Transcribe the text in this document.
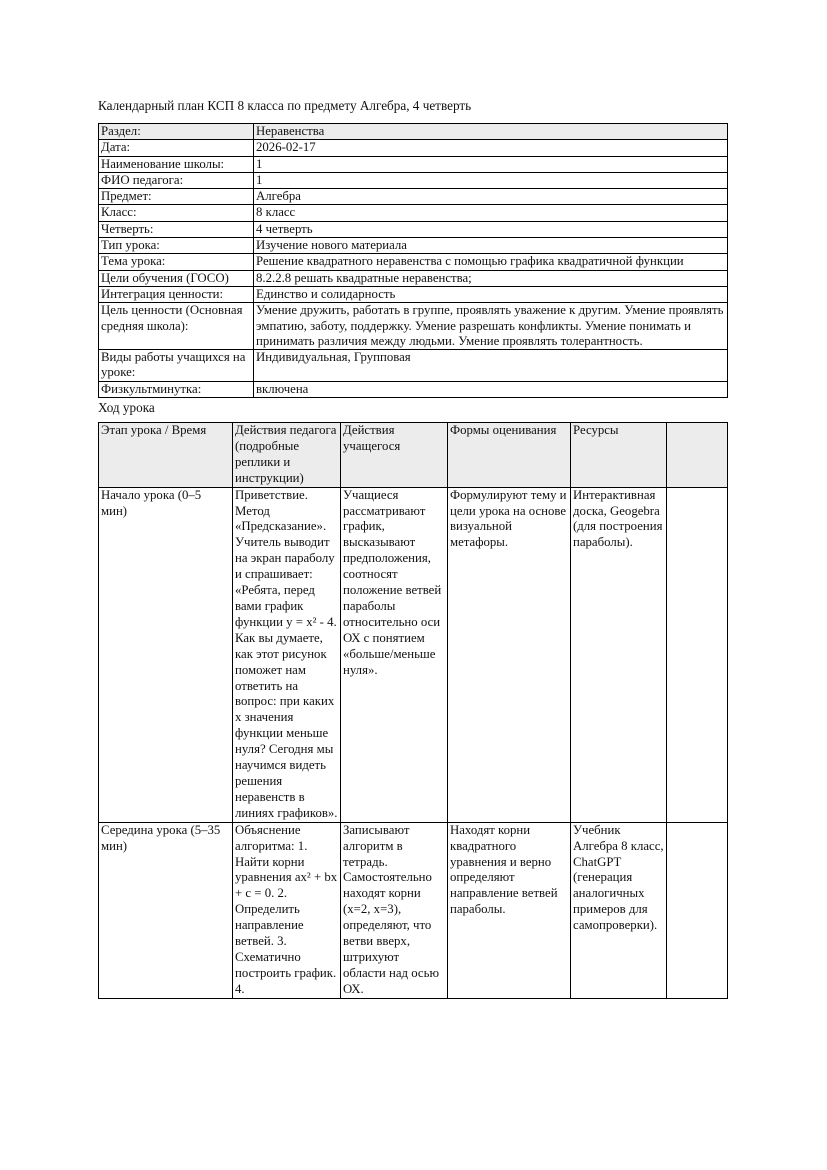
Календарный план КСП 8 класса по предмету Алгебра, 4 четверть

Раздел:	Неравенства
Дата:	2026-02-17
Наименование школы:	1
ФИО педагога:	1
Предмет:	Алгебра
Класс:	8 класс
Четверть:	4 четверть
Тип урока:	Изучение нового материала
Тема урока:	Решение квадратного неравенства с помощью графика квадратичной функции
Цели обучения (ГОСО)	8.2.2.8 решать квадратные неравенства;
Интеграция ценности:	Единство и солидарность
Цель ценности (Основная средняя школа):	Умение дружить, работать в группе, проявлять уважение к другим. Умение проявлять эмпатию, заботу, поддержку. Умение разрешать конфликты. Умение понимать и принимать различия между людьми. Умение проявлять толерантность.
Виды работы учащихся на уроке:	Индивидуальная, Групповая
Физкультминутка:	включена

Ход урока

Этап урока / Время	Действия педагога (подробные реплики и инструкции)	Действия учащегося	Формы оценивания	Ресурсы	
Начало урока (0–5 мин)	Приветствие. Метод «Предсказание». Учитель выводит на экран параболу и спрашивает: «Ребята, перед вами график функции y = x² - 4. Как вы думаете, как этот рисунок поможет нам ответить на вопрос: при каких x значения функции меньше нуля? Сегодня мы научимся видеть решения неравенств в линиях графиков».	Учащиеся рассматривают график, высказывают предположения, соотносят положение ветвей параболы относительно оси ОХ с понятием «больше/меньше нуля».	Формулируют тему и цели урока на основе визуальной метафоры.	Интерактивная доска, Geogebra (для построения параболы).	
Середина урока (5–35 мин)	Объяснение алгоритма: 1. Найти корни уравнения ax² + bx + c = 0. 2. Определить направление ветвей. 3. Схематично построить график. 4.	Записывают алгоритм в тетрадь. Самостоятельно находят корни (x=2, x=3), определяют, что ветви вверх, штрихуют области над осью ОХ.	Находят корни квадратного уравнения и верно определяют направление ветвей параболы.	Учебник Алгебра 8 класс, ChatGPT (генерация аналогичных примеров для самопроверки).	
